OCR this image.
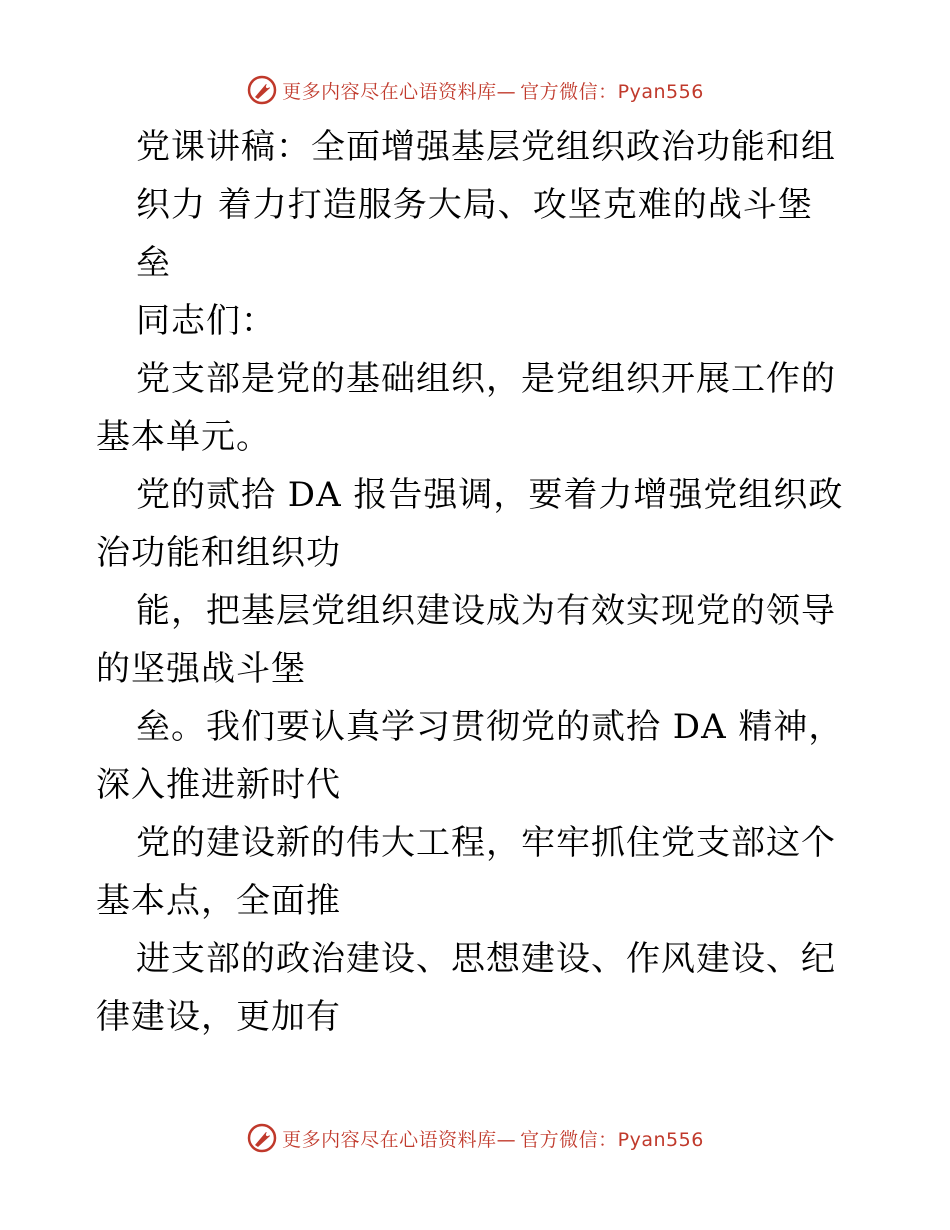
更多内容尽在心语资料库— 官方微信：Pyan556

党课讲稿：全面增强基层党组织政治功能和组

织力 着力打造服务大局、攻坚克难的战斗堡

垒

同志们：

党支部是党的基础组织，是党组织开展工作的基本单元。

党的贰拾 DA 报告强调，要着力增强党组织政治功能和组织功

能，把基层党组织建设成为有效实现党的领导的坚强战斗堡

垒。我们要认真学习贯彻党的贰拾 DA 精神，深入推进新时代

党的建设新的伟大工程，牢牢抓住党支部这个基本点，全面推

进支部的政治建设、思想建设、作风建设、纪律建设，更加有

更多内容尽在心语资料库— 官方微信：Pyan556
